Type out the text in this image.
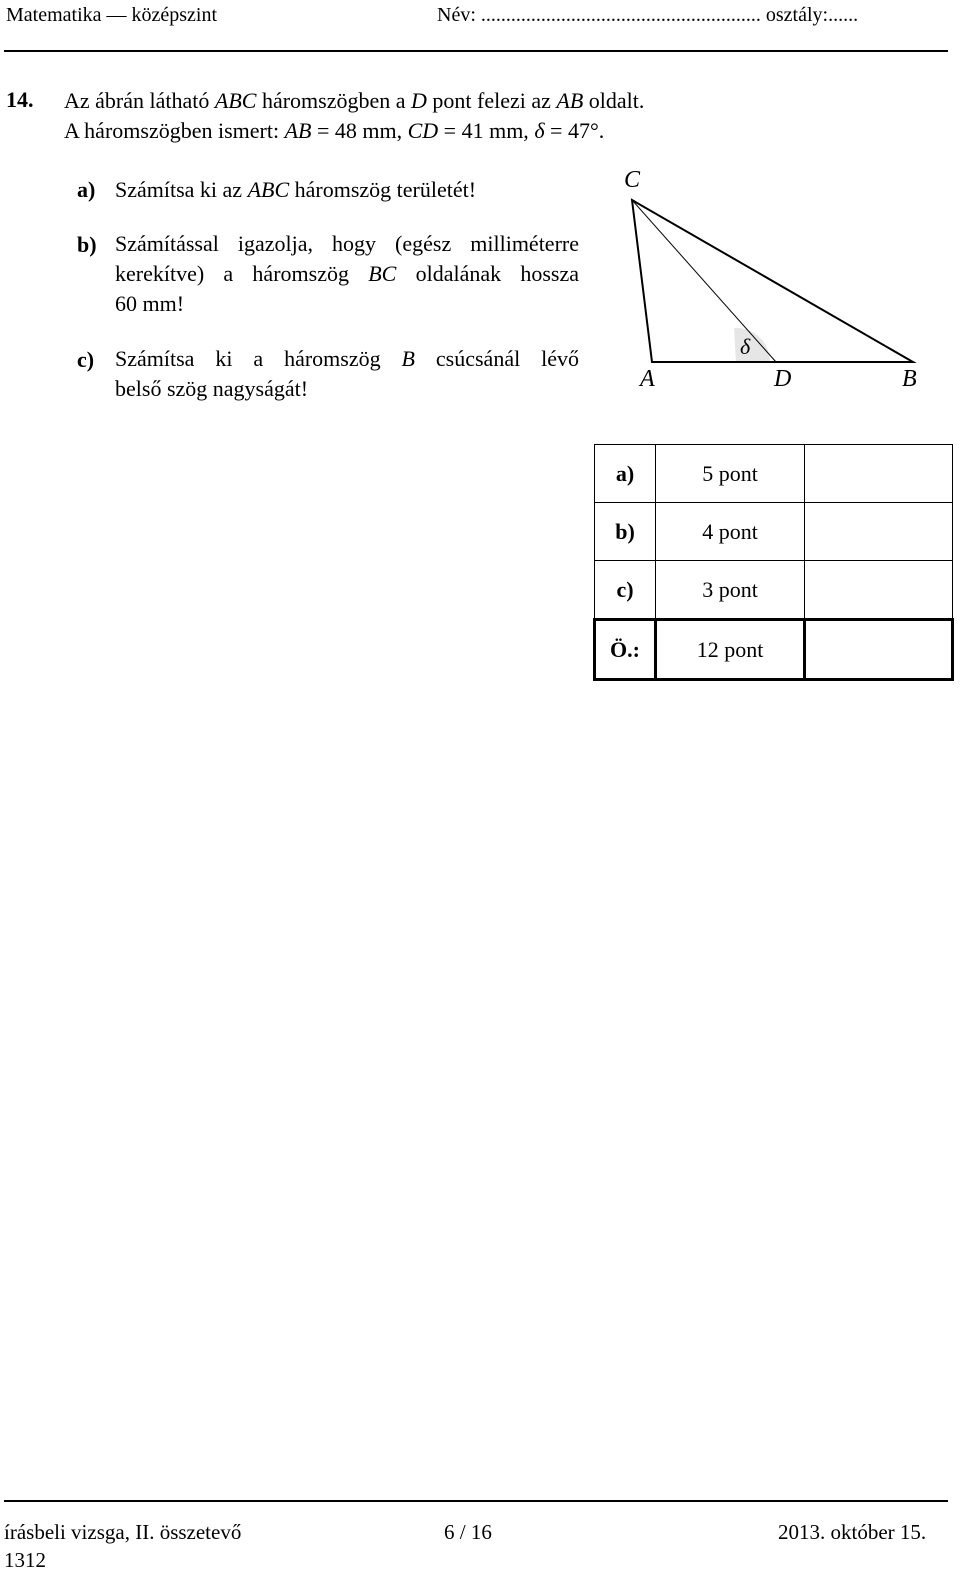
Matematika — középszint	Név: ........................................................ osztály:......
14. Az ábrán látható ABC háromszögben a D pont felezi az AB oldalt.
A háromszögben ismert: AB = 48 mm, CD = 41 mm, δ = 47°.
a) Számítsa ki az ABC háromszög területét!
b) Számítással igazolja, hogy (egész milliméterre
kerekítve) a háromszög BC oldalának hossza
60 mm!
c) Számítsa ki a háromszög B csúcsánál lévő
belső szög nagyságát!
C
A	D	B
δ
a)	5 pont	
b)	4 pont	
c)	3 pont	
Ö.:	12 pont	
írásbeli vizsga, II. összetevő	6 / 16	2013. október 15.
1312
